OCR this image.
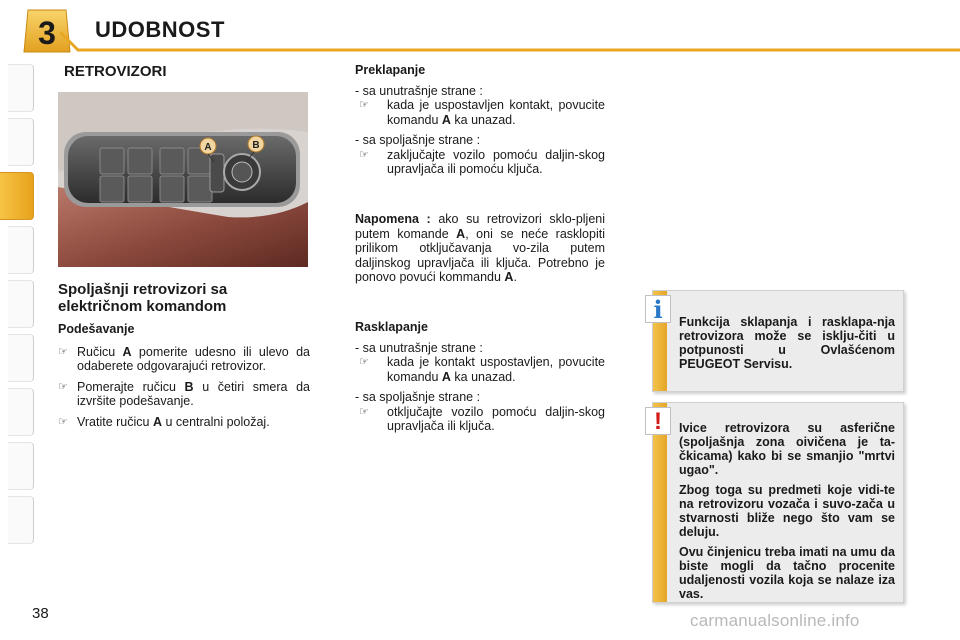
3 UDOBNOST
RETROVIZORI
A	B
Spoljašnji retrovizori sa
električnom komandom
Podešavanje
☞ Ručicu A pomerite udesno ili ulevo da odaberete odgovarajući retrovizor.
☞ Pomerajte ručicu B u četiri smera da izvršite podešavanje.
☞ Vratite ručicu A u centralni položaj.
Preklapanje
- sa unutrašnje strane :
☞ kada je uspostavljen kontakt, povucite komandu A ka unazad.
- sa spoljašnje strane :
☞ zaključajte vozilo pomoću daljin-skog upravljača ili pomoću ključa.
Napomena : ako su retrovizori sklo-pljeni putem komande A, oni se neće rasklopiti prilikom otključavanja vo-zila putem daljinskog upravljača ili ključa. Potrebno je ponovo povući kommandu A.
Rasklapanje
- sa unutrašnje strane :
☞ kada je kontakt uspostavljen, povucite komandu A ka unazad.
- sa spoljašnje strane :
☞ otključajte vozilo pomoću daljin-skog upravljača ili ključa.
i	Funkcija sklapanja i rasklapa-nja retrovizora može se isklju-čiti u potpunosti u Ovlašćenom PEUGEOT Servisu.

!	Ivice retrovizora su asferične (spoljašnja zona oivičena je ta-čkicama) kako bi se smanjio "mrtvi ugao".

Zbog toga su predmeti koje vidi-te na retrovizoru vozača i suvo-zača u stvarnosti bliže nego što vam se deluju.

Ovu činjenicu treba imati na umu da biste mogli da tačno procenite udaljenosti vozila koja se nalaze iza vas.

38	carmanualsonline.info
